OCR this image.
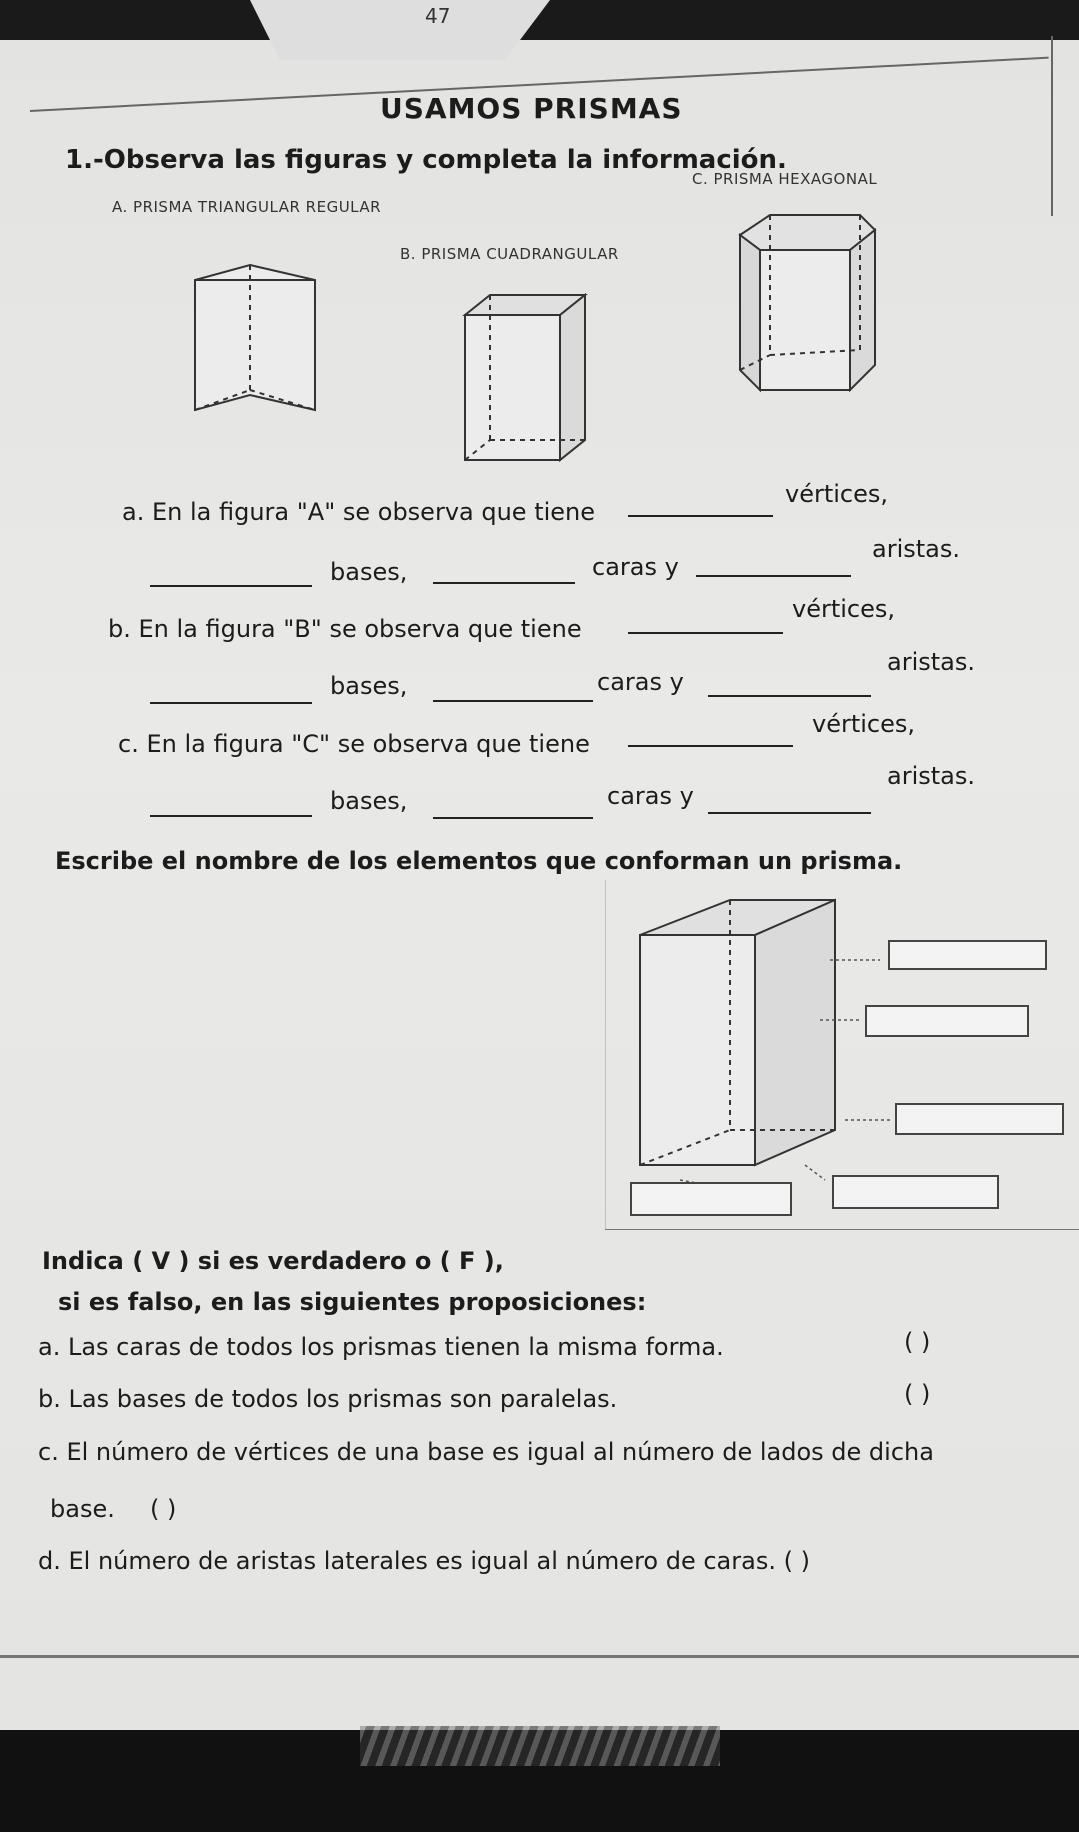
47
USAMOS PRISMAS
1.-Observa las figuras y completa la información.
A. PRISMA TRIANGULAR REGULAR
B. PRISMA CUADRANGULAR
C. PRISMA HEXAGONAL
a. En la figura "A" se observa que tiene
vértices,
bases,	caras y
aristas.
b. En la figura "B" se observa que tiene
vértices,
bases,	caras y
aristas.
c. En la figura "C" se observa que tiene
vértices,
bases,	caras y
aristas.
Escribe el nombre de los elementos que conforman un prisma.
Indica ( V ) si es verdadero o ( F ),
si es falso, en las siguientes proposiciones:
a. Las caras de todos los prismas tienen la misma forma.	( )
b. Las bases de todos los prismas son paralelas.	( )
c. El número de vértices de una base es igual al número de lados de dicha
base. ( )
d. El número de aristas laterales es igual al número de caras. ( )
